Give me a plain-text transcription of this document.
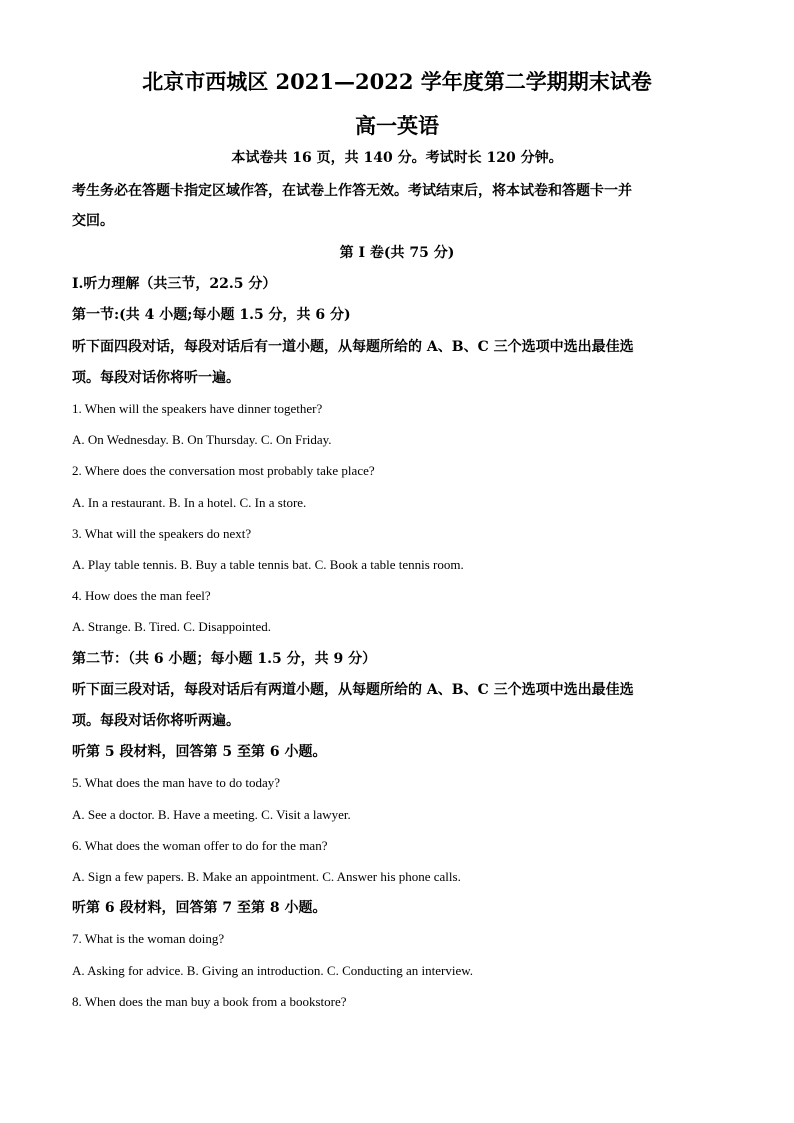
北京市西城区 2021—2022 学年度第二学期期末试卷
高一英语
本试卷共 16 页，共 140 分。考试时长 120 分钟。
考生务必在答题卡指定区域作答，在试卷上作答无效。考试结束后，将本试卷和答题卡一并
交回。
第 I 卷(共 75 分)
Ⅰ.听力理解（共三节，22.5 分）
第一节:(共 4 小题;每小题 1.5 分，共 6 分)
听下面四段对话，每段对话后有一道小题，从每题所给的 A、B、C 三个选项中选出最佳选
项。每段对话你将听一遍。
1. When will the speakers have dinner together?
A. On Wednesday. B. On Thursday. C. On Friday.
2. Where does the conversation most probably take place?
A. In a restaurant. B. In a hotel. C. In a store.
3. What will the speakers do next?
A. Play table tennis. B. Buy a table tennis bat. C. Book a table tennis room.
4. How does the man feel?
A. Strange. B. Tired. C. Disappointed.
第二节：（共 6 小题；每小题 1.5 分，共 9 分）
听下面三段对话，每段对话后有两道小题，从每题所给的 A、B、C 三个选项中选出最佳选
项。每段对话你将听两遍。
听第 5 段材料，回答第 5 至第 6 小题。
5. What does the man have to do today?
A. See a doctor. B. Have a meeting. C. Visit a lawyer.
6. What does the woman offer to do for the man?
A. Sign a few papers. B. Make an appointment. C. Answer his phone calls.
听第 6 段材料，回答第 7 至第 8 小题。
7. What is the woman doing?
A. Asking for advice. B. Giving an introduction. C. Conducting an interview.
8. When does the man buy a book from a bookstore?
